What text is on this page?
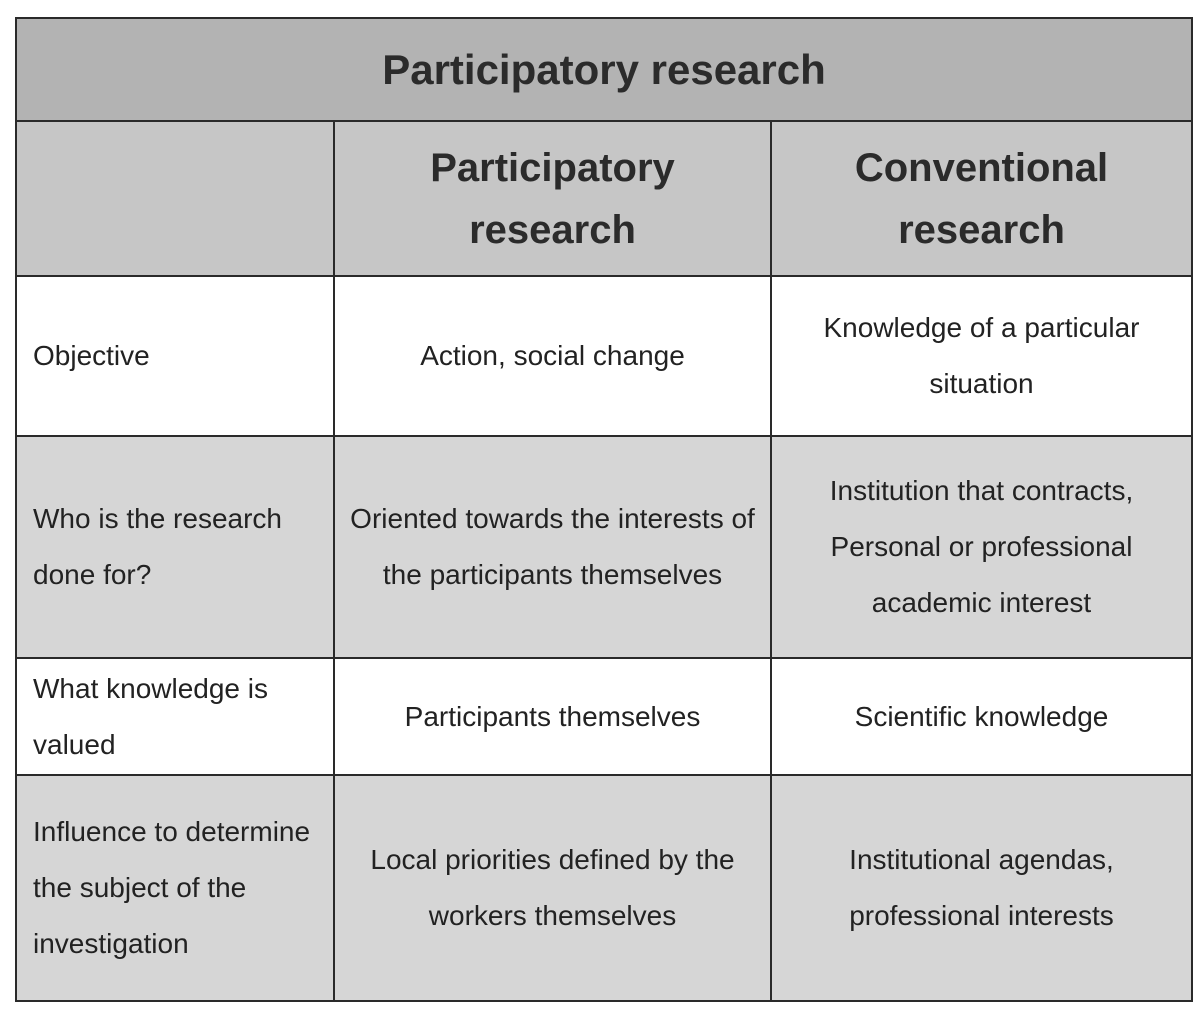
Participatory research		
	Participatory research	Conventional research
Objective	Action, social change	Knowledge of a particular situation
Who is the research done for?	Oriented towards the interests of the participants themselves	Institution that contracts, Personal or professional academic interest
What knowledge is valued	Participants themselves	Scientific knowledge
Influence to determine the subject of the investigation	Local priorities defined by the workers themselves	Institutional agendas, professional interests
